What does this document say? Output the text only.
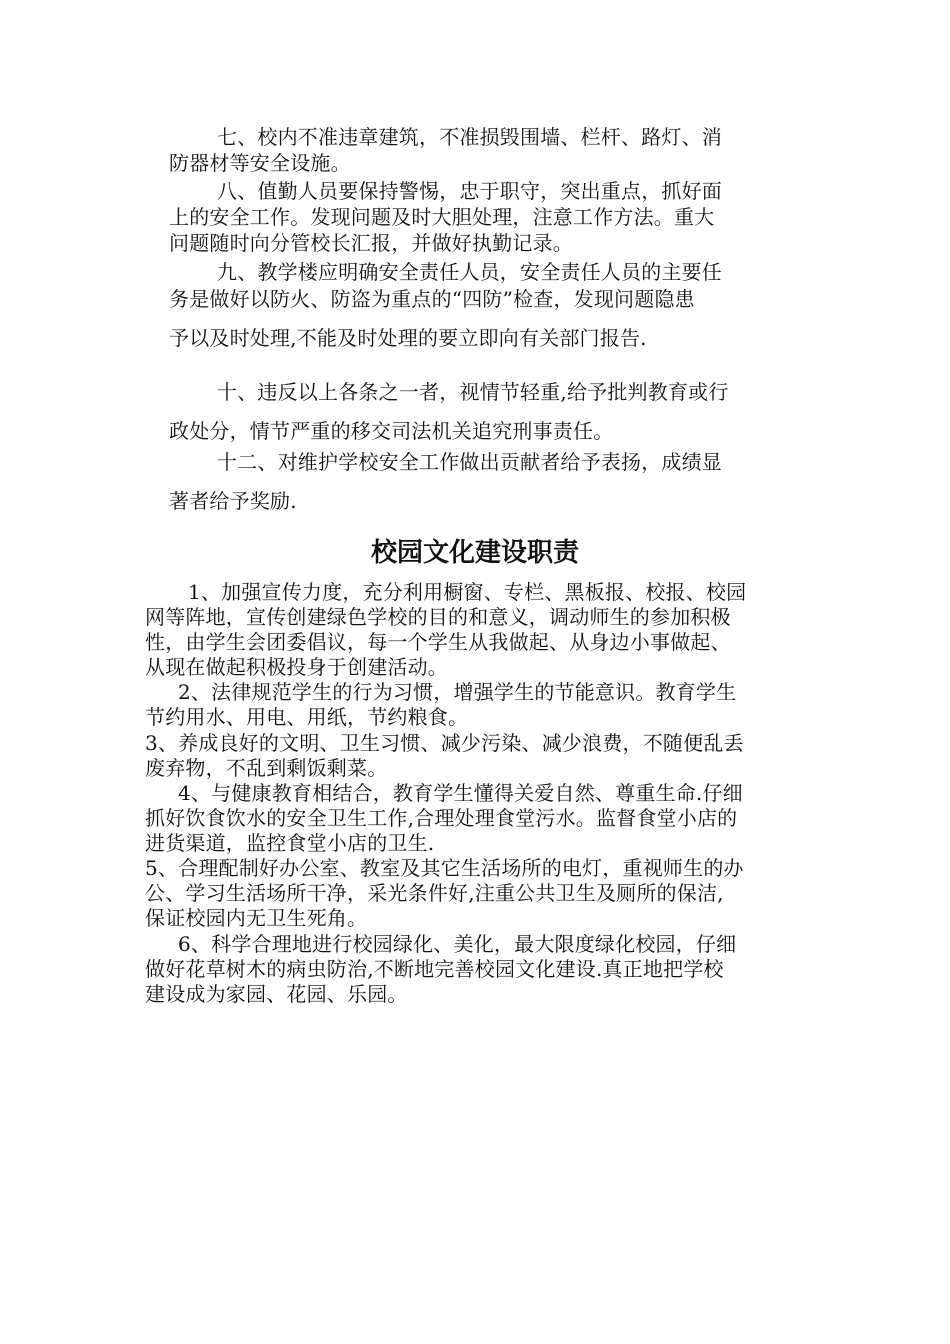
七、校内不准违章建筑，不准损毁围墙、栏杆、路灯、消
防器材等安全设施。
八、值勤人员要保持警惕，忠于职守，突出重点，抓好面
上的安全工作。发现问题及时大胆处理，注意工作方法。重大
问题随时向分管校长汇报，并做好执勤记录。
九、教学楼应明确安全责任人员，安全责任人员的主要任
务是做好以防火、防盗为重点的“四防”检查，发现问题隐患
予以及时处理,不能及时处理的要立即向有关部门报告.
十、违反以上各条之一者，视情节轻重,给予批判教育或行
政处分，情节严重的移交司法机关追究刑事责任。
十二、对维护学校安全工作做出贡献者给予表扬，成绩显
著者给予奖励.
校园文化建设职责
1、加强宣传力度，充分利用橱窗、专栏、黑板报、校报、校园
网等阵地，宣传创建绿色学校的目的和意义，调动师生的参加积极
性，由学生会团委倡议，每一个学生从我做起、从身边小事做起、
从现在做起积极投身于创建活动。
2、法律规范学生的行为习惯，增强学生的节能意识。教育学生
节约用水、用电、用纸，节约粮食。
3、养成良好的文明、卫生习惯、减少污染、减少浪费，不随便乱丢
废弃物，不乱到剩饭剩菜。
4、与健康教育相结合，教育学生懂得关爱自然、尊重生命.仔细
抓好饮食饮水的安全卫生工作,合理处理食堂污水。监督食堂小店的
进货渠道，监控食堂小店的卫生.
5、合理配制好办公室、教室及其它生活场所的电灯，重视师生的办
公、学习生活场所干净，采光条件好,注重公共卫生及厕所的保洁,
保证校园内无卫生死角。
6、科学合理地进行校园绿化、美化，最大限度绿化校园，仔细
做好花草树木的病虫防治,不断地完善校园文化建设.真正地把学校
建设成为家园、花园、乐园。
